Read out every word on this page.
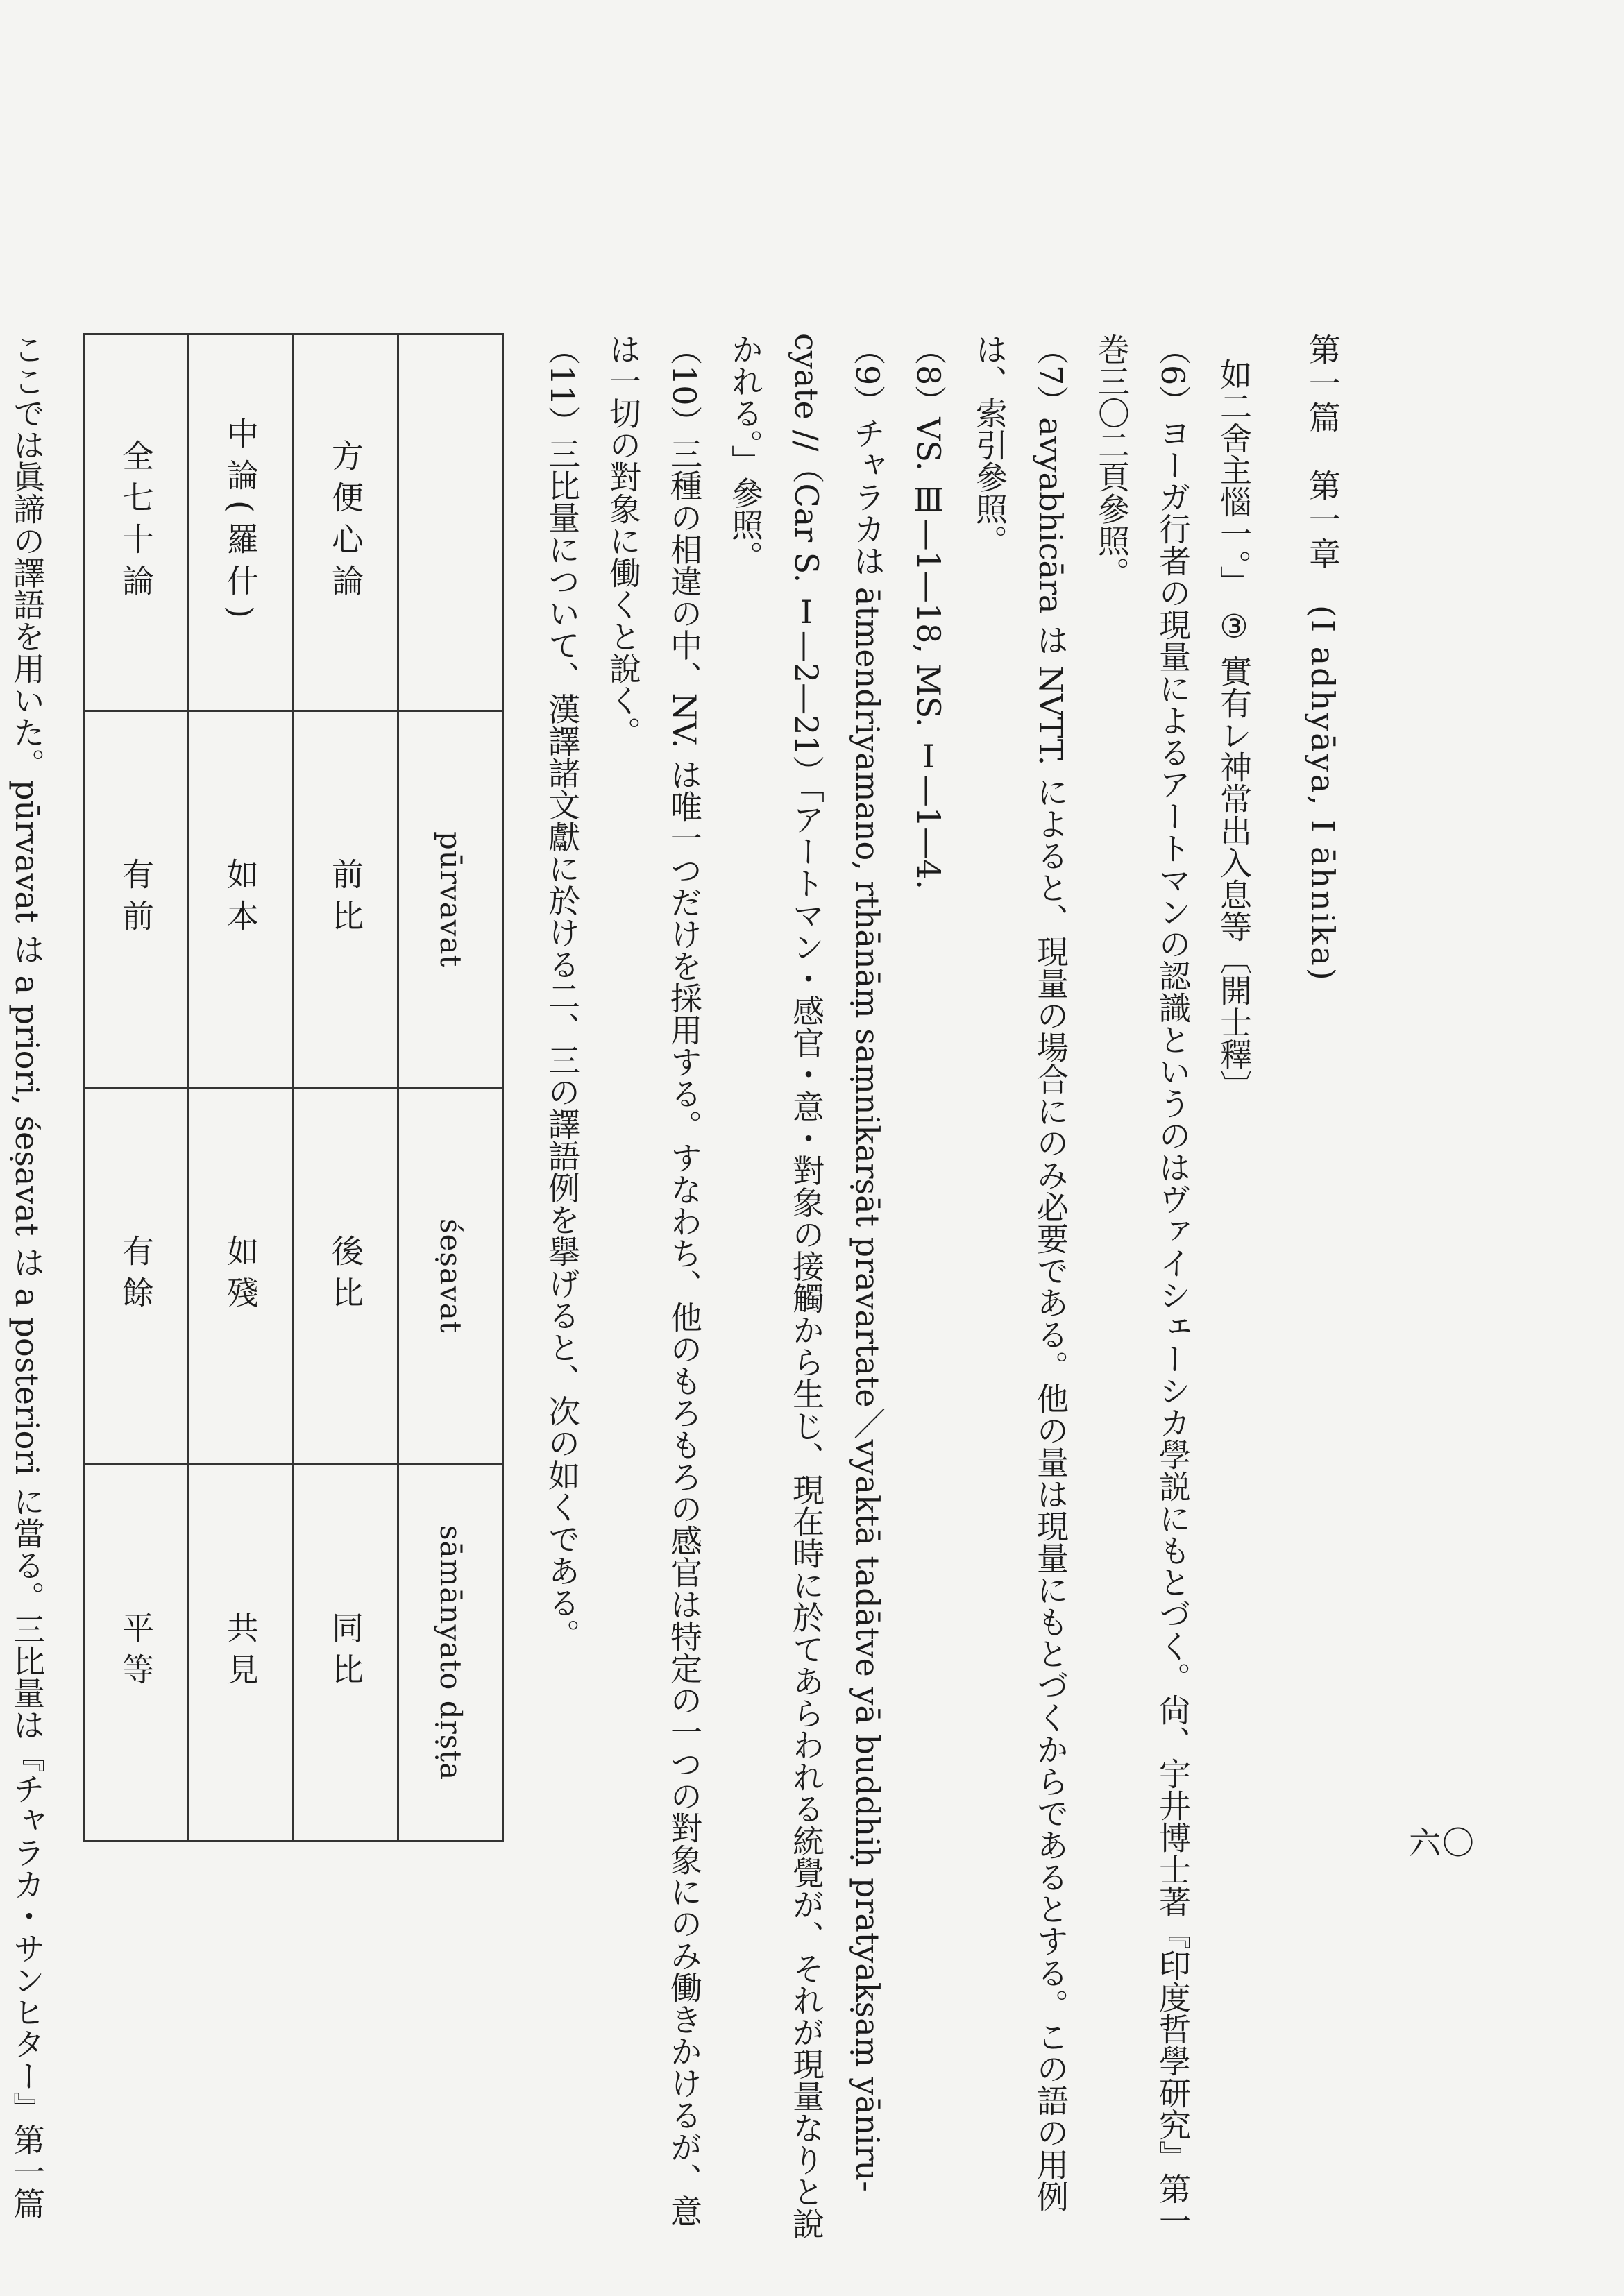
六〇
第一篇　第一章　(I adhyāya, I āhnika)
如二舍主惱一。」 ③ 實有レ神常出入息等〔開士釋〕
（6）ヨーガ行者の現量によるアートマンの認識というのはヴァイシェーシカ學説にもとづく。尙、宇井博士著『印度哲學研究』第一巻三〇二頁參照。
（7）avyabhicāra は NVTT. によると、現量の場合にのみ必要である。他の量は現量にもとづくからであるとする。この語の用例は、索引參照。
（8）VS. Ⅲ—1—18, MS. Ⅰ—1—4.
（9）チャラカは ātmendriyamano, rthānāṃ saṃnikarṣāt pravartate／vyaktā tadātve yā buddhiḥ pratyakṣaṃ yāniru-cyate //（Car S. Ⅰ—2—21）「アートマン・感官・意・對象の接觸から生じ、現在時に於てあらわれる統覺が、それが現量なりと說かれる。」參照。
（10）三種の相違の中、NV. は唯一つだけを採用する。すなわち、他のもろもろの感官は特定の一つの對象にのみ働きかけるが、意は一切の對象に働くと說く。
（11）三比量について、漢譯諸文獻に於ける二、三の譯語例を擧げると、次の如くである。
	pūrvavat	śeṣavat	sāmānyato dṛṣṭa
方便心論	前比	後比	同比
中論(羅什)	如本	如殘	共見
全七十論	有前	有餘	平等
ここでは眞諦の譯語を用いた。pūrvavat は a priori, śeṣavat は a posteriori に當る。三比量は『チャラカ・サンヒター』第一篇
